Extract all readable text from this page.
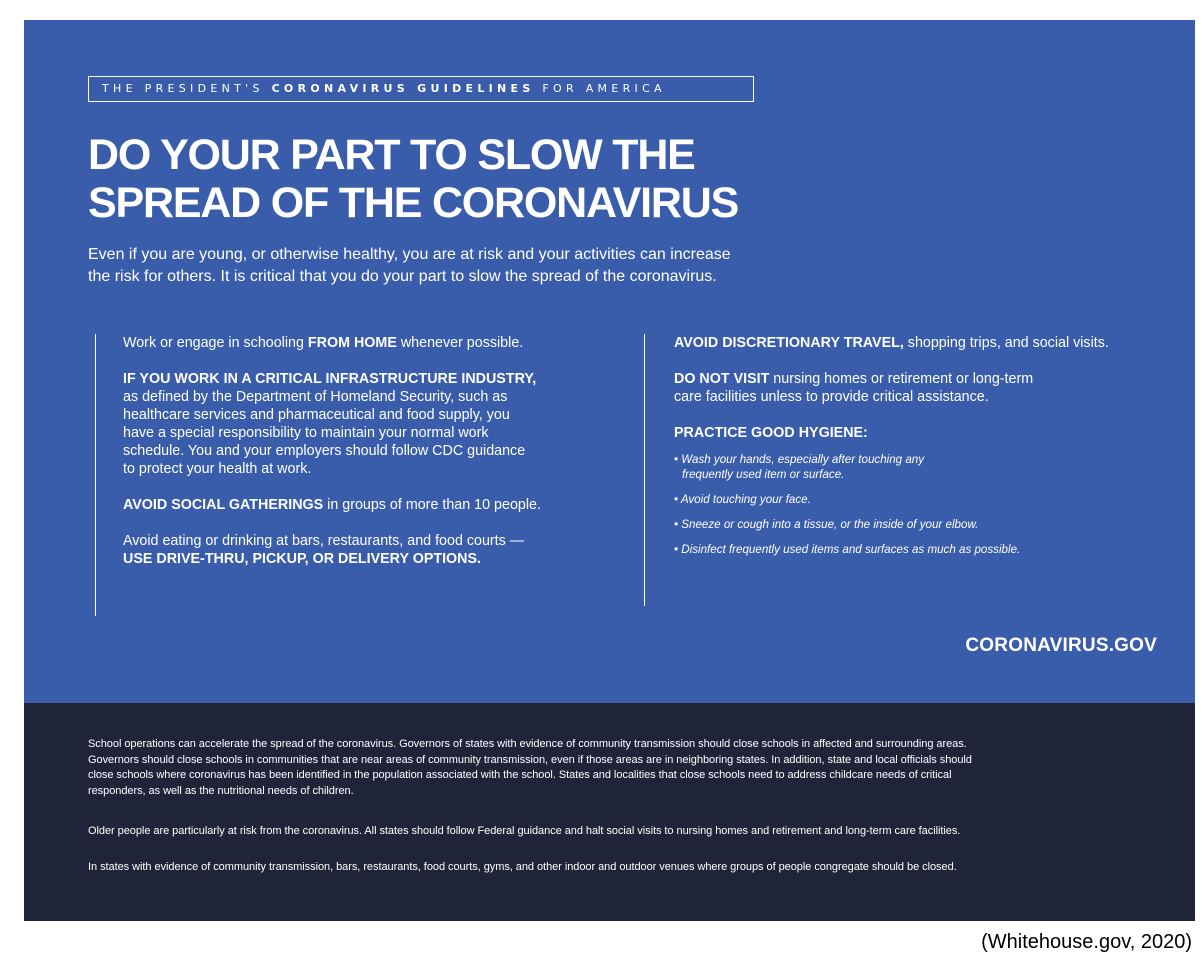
THE PRESIDENT'S CORONAVIRUS GUIDELINES FOR AMERICA
DO YOUR PART TO SLOW THE
SPREAD OF THE CORONAVIRUS
Even if you are young, or otherwise healthy, you are at risk and your activities can increase
the risk for others. It is critical that you do your part to slow the spread of the coronavirus.

Work or engage in schooling FROM HOME whenever possible.

IF YOU WORK IN A CRITICAL INFRASTRUCTURE INDUSTRY,
as defined by the Department of Homeland Security, such as
healthcare services and pharmaceutical and food supply, you
have a special responsibility to maintain your normal work
schedule. You and your employers should follow CDC guidance
to protect your health at work.

AVOID SOCIAL GATHERINGS in groups of more than 10 people.

Avoid eating or drinking at bars, restaurants, and food courts —
USE DRIVE-THRU, PICKUP, OR DELIVERY OPTIONS.

AVOID DISCRETIONARY TRAVEL, shopping trips, and social visits.

DO NOT VISIT nursing homes or retirement or long-term
care facilities unless to provide critical assistance.

PRACTICE GOOD HYGIENE:

• Wash your hands, especially after touching any
frequently used item or surface.

• Avoid touching your face.

• Sneeze or cough into a tissue, or the inside of your elbow.

• Disinfect frequently used items and surfaces as much as possible.

CORONAVIRUS.GOV

School operations can accelerate the spread of the coronavirus. Governors of states with evidence of community transmission should close schools in affected and surrounding areas.
Governors should close schools in communities that are near areas of community transmission, even if those areas are in neighboring states. In addition, state and local officials should
close schools where coronavirus has been identified in the population associated with the school. States and localities that close schools need to address childcare needs of critical
responders, as well as the nutritional needs of children.

Older people are particularly at risk from the coronavirus. All states should follow Federal guidance and halt social visits to nursing homes and retirement and long-term care facilities.

In states with evidence of community transmission, bars, restaurants, food courts, gyms, and other indoor and outdoor venues where groups of people congregate should be closed.

(Whitehouse.gov, 2020)
